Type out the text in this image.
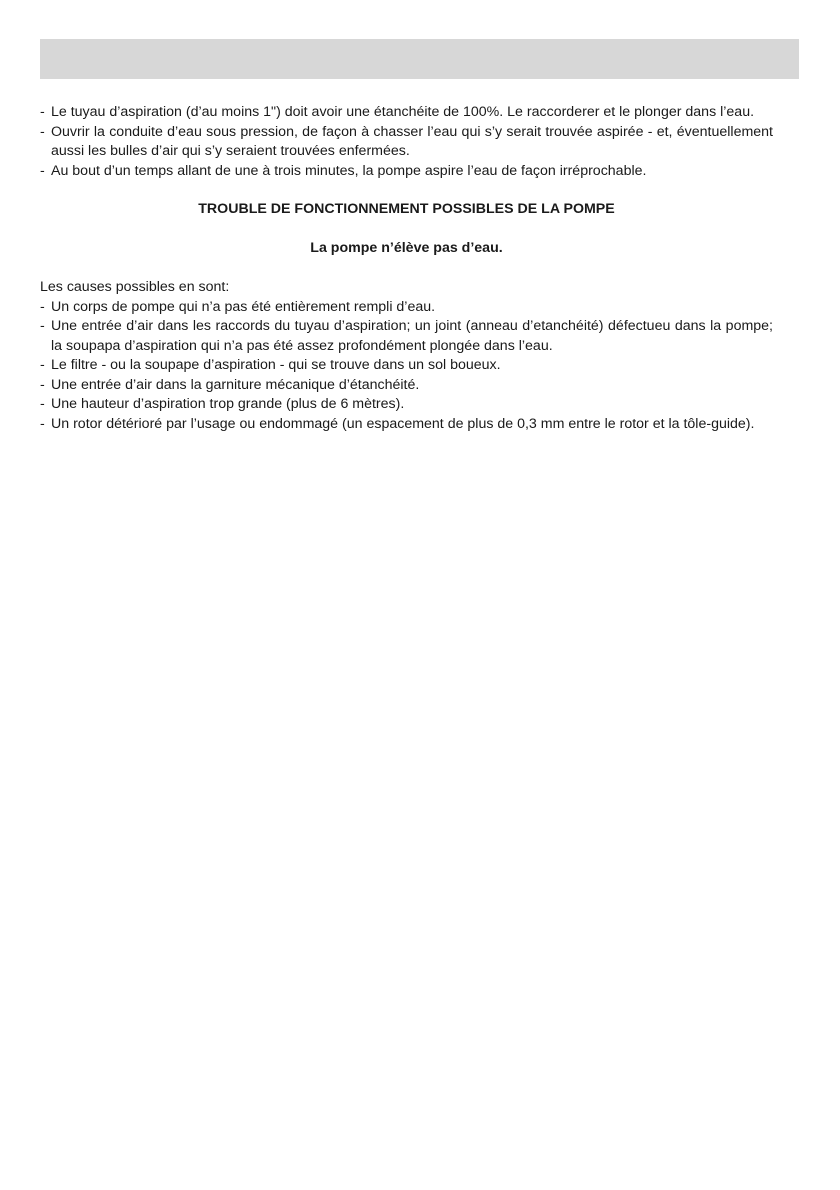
- Le tuyau d’aspiration (d’au moins 1") doit avoir une étanchéite de 100%. Le raccorderer et le plonger dans l’eau.
- Ouvrir la conduite d’eau sous pression, de façon à chasser l’eau qui s’y serait trouvée aspirée - et, éventuellement aussi les bulles d’air qui s’y seraient trouvées enfermées.
- Au bout d’un temps allant de une à trois minutes, la pompe aspire l’eau de façon irréprochable.
TROUBLE DE FONCTIONNEMENT POSSIBLES DE LA POMPE
La pompe n’élève pas d’eau.
Les causes possibles en sont:
- Un corps de pompe qui n’a pas été entièrement rempli d’eau.
- Une entrée d’air dans les raccords du tuyau d’aspiration; un joint (anneau d’etanchéité) défectueu dans la pompe; la soupapa d’aspiration qui n’a pas été assez profondément plongée dans l’eau.
- Le filtre - ou la soupape d’aspiration - qui se trouve dans un sol boueux.
- Une entrée d’air dans la garniture mécanique d’étanchéité.
- Une hauteur d’aspiration trop grande (plus de 6 mètres).
- Un rotor détérioré par l’usage ou endommagé (un espacement de plus de 0,3 mm entre le rotor et la tôle-guide).
